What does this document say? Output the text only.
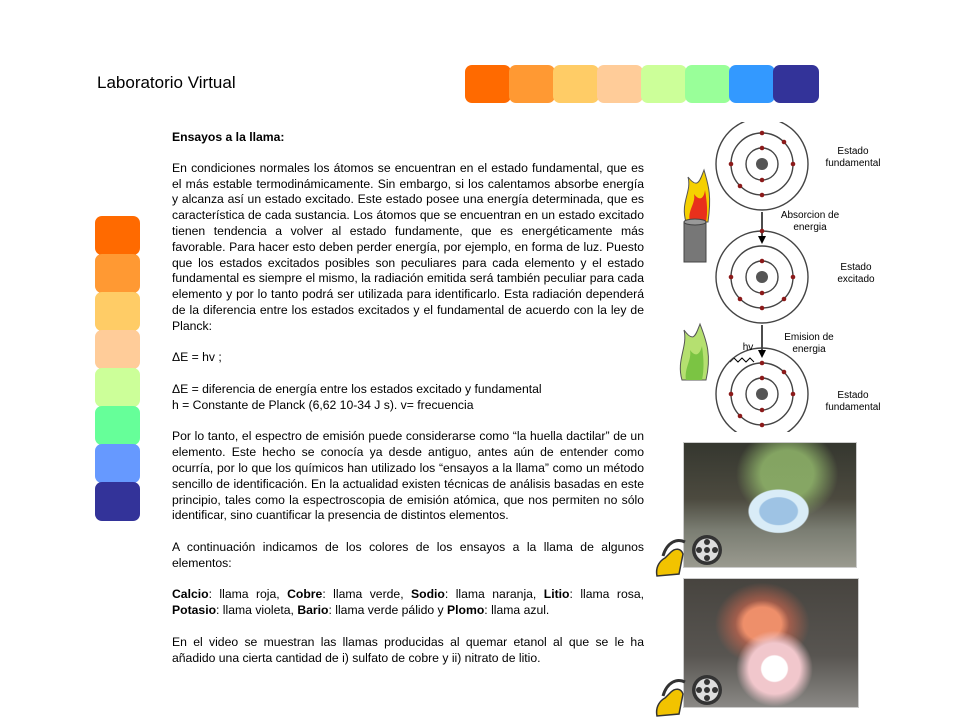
Laboratorio Virtual

Ensayos a la llama:

En condiciones normales los átomos se encuentran en el estado fundamental, que es el más estable termodinámicamente. Sin embargo, si los calentamos absorbe energía y alcanza así un estado excitado. Este estado posee una energía determinada, que es característica de cada sustancia. Los átomos que se encuentran en un estado excitado tienen tendencia a volver al estado fundamente, que es energéticamente más favorable. Para hacer esto deben perder energía, por ejemplo, en forma de luz. Puesto que los estados excitados posibles son peculiares para cada elemento y el estado fundamental es siempre el mismo, la radiación emitida será también peculiar para cada elemento y por lo tanto podrá ser utilizada para identificarlo. Esta radiación dependerá de la diferencia entre los estados excitados y el fundamental de acuerdo con la ley de Planck:

ΔE = hv ;

ΔE = diferencia de energía entre los estados excitado y fundamental

h = Constante de Planck (6,62 10-34 J s). v= frecuencia

Por lo tanto, el espectro de emisión puede considerarse como “la huella dactilar” de un elemento. Este hecho se conocía ya desde antiguo, antes aún de entender como ocurría, por lo que los químicos han utilizado los “ensayos a la llama” como un método sencillo de identificación. En la actualidad existen técnicas de análisis basadas en este principio, tales como la espectroscopia de emisión atómica, que nos permiten no sólo identificar, sino cuantificar la presencia de distintos elementos.

A continuación indicamos de los colores de los ensayos a la llama de algunos elementos:

Calcio: llama roja, Cobre: llama verde, Sodio: llama naranja, Litio: llama rosa, Potasio: llama violeta, Bario: llama verde pálido y Plomo: llama azul.

En el video se muestran las llamas producidas al quemar etanol al que se le ha añadido una cierta cantidad de i) sulfato de cobre y ii) nitrato de litio.

Estado fundamental
Absorcion de energia
Estado excitado
Emision de energia
hv
Estado fundamental
